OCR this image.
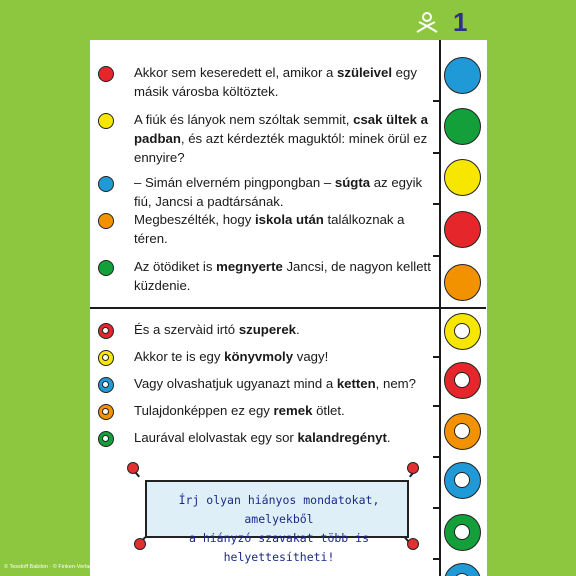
1
Akkor sem keseredett el, amikor a szüleivel egy másik városba költöztek.
A fiúk és lányok nem szóltak semmit, csak ültek a padban, és azt kérdezték maguktól: minek örül ez ennyire?
– Simán elverném pingpongban – súgta az egyik fiú, Jancsi a padtársának.
Megbeszélték, hogy iskola után találkoznak a téren.
Az ötödiket is megnyerte Jancsi, de nagyon kellett küzdenie.
És a szervàid irtó szuperek.
Akkor te is egy könyvmoly vagy!
Vagy olvashatjuk ugyanazt mind a ketten, nem?
Tulajdonképpen ez egy remek ötlet.
Laurával elolvastak egy sor kalandregényt.
Írj olyan hiányos mondatokat, amelyekből
a hiányzó szavakat több is helyettesítheti!
© Tessloff Babilon · © Finken-Verlag for the Logico® system
